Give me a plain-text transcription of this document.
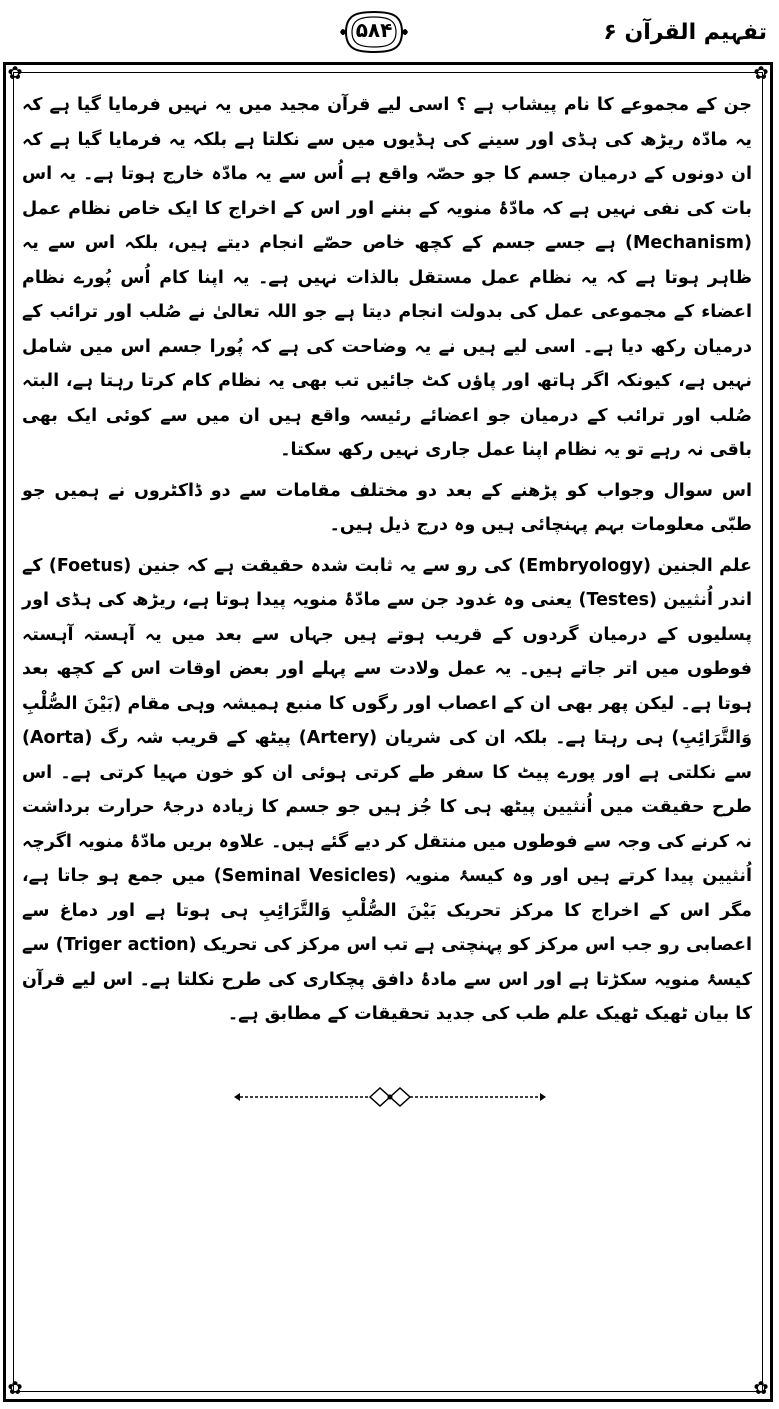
۵۸۴	تفہیم القرآن ۶
✿	✿
✿	✿

جن کے مجموعے کا نام پیشاب ہے ؟ اسی لیے قرآن مجید میں یہ نہیں فرمایا گیا ہے کہ یہ مادّہ ریڑھ کی ہڈی اور سینے کی ہڈیوں میں سے نکلتا ہے بلکہ یہ فرمایا گیا ہے کہ ان دونوں کے درمیان جسم کا جو حصّہ واقع ہے اُس سے یہ مادّہ خارج ہوتا ہے۔ یہ اس بات کی نفی نہیں ہے کہ مادّۂ منویہ کے بننے اور اس کے اخراج کا ایک خاص نظام عمل (Mechanism) ہے جسے جسم کے کچھ خاص حصّے انجام دیتے ہیں، بلکہ اس سے یہ ظاہر ہوتا ہے کہ یہ نظام عمل مستقل بالذات نہیں ہے۔ یہ اپنا کام اُس پُورے نظام اعضاء کے مجموعی عمل کی بدولت انجام دیتا ہے جو اللہ تعالیٰ نے صُلب اور ترائب کے درمیان رکھ دیا ہے۔ اسی لیے ہیں نے یہ وضاحت کی ہے کہ پُورا جسم اس میں شامل نہیں ہے، کیونکہ اگر ہاتھ اور پاؤں کٹ جائیں تب بھی یہ نظام کام کرتا رہتا ہے، البتہ صُلب اور ترائب کے درمیان جو اعضائے رئیسہ واقع ہیں ان میں سے کوئی ایک بھی باقی نہ رہے تو یہ نظام اپنا عمل جاری نہیں رکھ سکتا۔

اس سوال وجواب کو پڑھنے کے بعد دو مختلف مقامات سے دو ڈاکٹروں نے ہمیں جو طبّی معلومات بہم پہنچائی ہیں وہ درج ذیل ہیں۔

علم الجنین (Embryology) کی رو سے یہ ثابت شدہ حقیقت ہے کہ جنین (Foetus) کے اندر اُنثیین (Testes) یعنی وہ غدود جن سے مادّۂ منویہ پیدا ہوتا ہے، ریڑھ کی ہڈی اور پسلیوں کے درمیان گردوں کے قریب ہوتے ہیں جہاں سے بعد میں یہ آہستہ آہستہ فوطوں میں اتر جاتے ہیں۔ یہ عمل ولادت سے پہلے اور بعض اوقات اس کے کچھ بعد ہوتا ہے۔ لیکن پھر بھی ان کے اعصاب اور رگوں کا منبع ہمیشہ وہی مقام (بَیْنَ الصُّلْبِ وَالتَّرَائِبِ) ہی رہتا ہے۔ بلکہ ان کی شریان (Artery) پیٹھ کے قریب شہ رگ (Aorta) سے نکلتی ہے اور پورے پیٹ کا سفر طے کرتی ہوئی ان کو خون مہیا کرتی ہے۔ اس طرح حقیقت میں اُنثیین پیٹھ ہی کا جُز ہیں جو جسم کا زیادہ درجۂ حرارت برداشت نہ کرنے کی وجہ سے فوطوں میں منتقل کر دیے گئے ہیں۔ علاوہ بریں مادّۂ منویہ اگرچہ اُنثیین پیدا کرتے ہیں اور وہ کیسۂ منویہ (Seminal Vesicles) میں جمع ہو جاتا ہے، مگر اس کے اخراج کا مرکز تحریک بَیْنَ الصُّلْبِ وَالتَّرَائِبِ ہی ہوتا ہے اور دماغ سے اعصابی رو جب اس مرکز کو پہنچتی ہے تب اس مرکز کی تحریک (Triger action) سے کیسۂ منویہ سکڑتا ہے اور اس سے مادۂ دافق پچکاری کی طرح نکلتا ہے۔ اس لیے قرآن کا بیان ٹھیک ٹھیک علم طب کی جدید تحقیقات کے مطابق ہے۔
